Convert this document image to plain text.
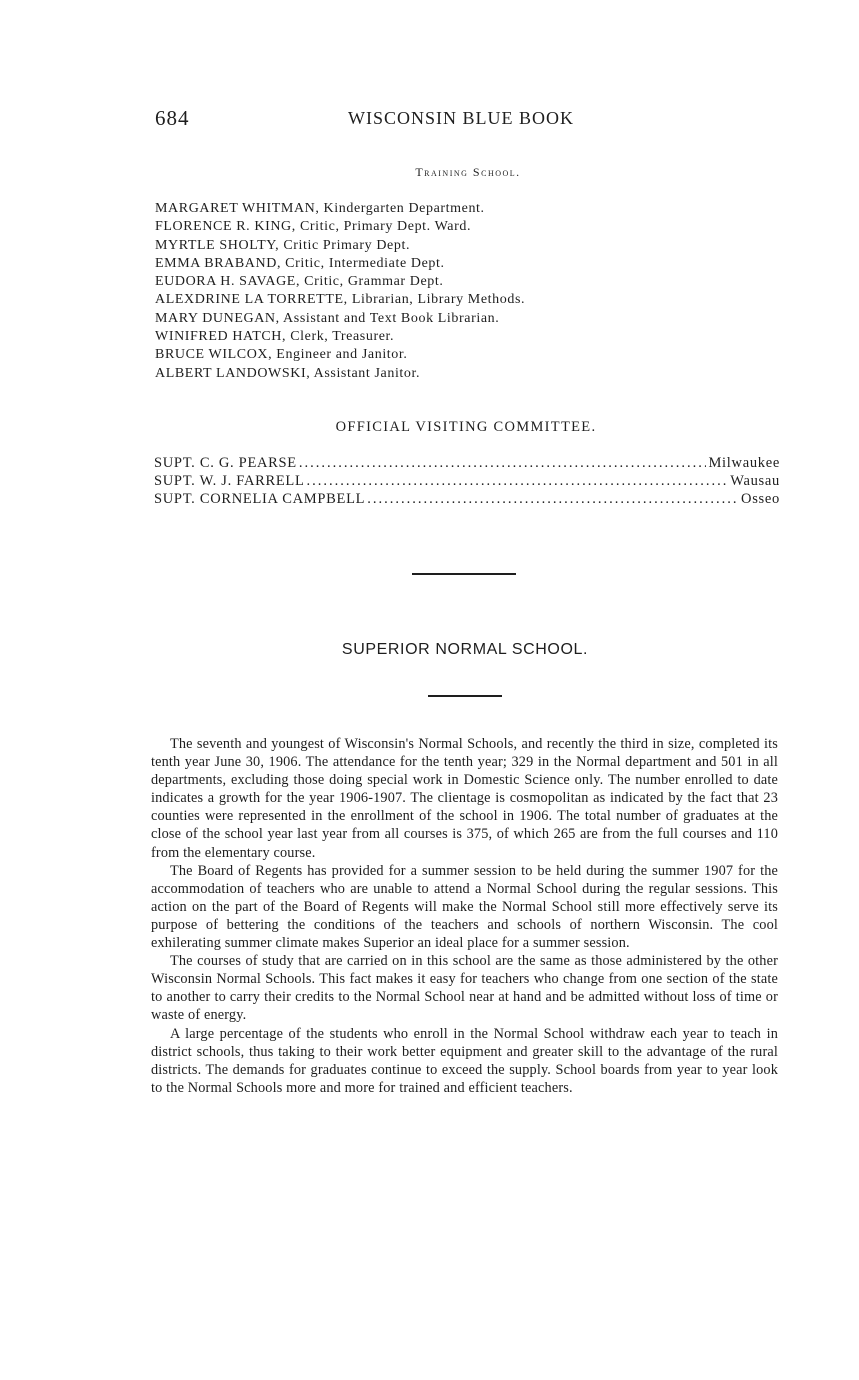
684	WISCONSIN BLUE BOOK
Training School.
MARGARET WHITMAN, Kindergarten Department.
FLORENCE R. KING, Critic, Primary Dept. Ward.
MYRTLE SHOLTY, Critic Primary Dept.
EMMA BRABAND, Critic, Intermediate Dept.
EUDORA H. SAVAGE, Critic, Grammar Dept.
ALEXDRINE LA TORRETTE, Librarian, Library Methods.
MARY DUNEGAN, Assistant and Text Book Librarian.
WINIFRED HATCH, Clerk, Treasurer.
BRUCE WILCOX, Engineer and Janitor.
ALBERT LANDOWSKI, Assistant Janitor.
OFFICIAL VISITING COMMITTEE.
SUPT. C. G. PEARSE .....	Milwaukee
SUPT. W. J. FARRELL .....	Wausau
SUPT. CORNELIA CAMPBELL .....	Osseo
SUPERIOR NORMAL SCHOOL.

The seventh and youngest of Wisconsin's Normal Schools, and recently the third in size, completed its tenth year June 30, 1906. The attendance for the tenth year; 329 in the Normal department and 501 in all departments, excluding those doing special work in Domestic Science only. The number enrolled to date indicates a growth for the year 1906-1907. The clientage is cosmopolitan as indicated by the fact that 23 counties were represented in the enrollment of the school in 1906. The total number of graduates at the close of the school year last year from all courses is 375, of which 265 are from the full courses and 110 from the elementary course.

The Board of Regents has provided for a summer session to be held during the summer 1907 for the accommodation of teachers who are unable to attend a Normal School during the regular sessions. This action on the part of the Board of Regents will make the Normal School still more effectively serve its purpose of bettering the conditions of the teachers and schools of northern Wisconsin. The cool exhilerating summer climate makes Superior an ideal place for a summer session.

The courses of study that are carried on in this school are the same as those administered by the other Wisconsin Normal Schools. This fact makes it easy for teachers who change from one section of the state to another to carry their credits to the Normal School near at hand and be admitted without loss of time or waste of energy.

A large percentage of the students who enroll in the Normal School withdraw each year to teach in district schools, thus taking to their work better equipment and greater skill to the advantage of the rural districts. The demands for graduates continue to exceed the supply. School boards from year to year look to the Normal Schools more and more for trained and efficient teachers.
